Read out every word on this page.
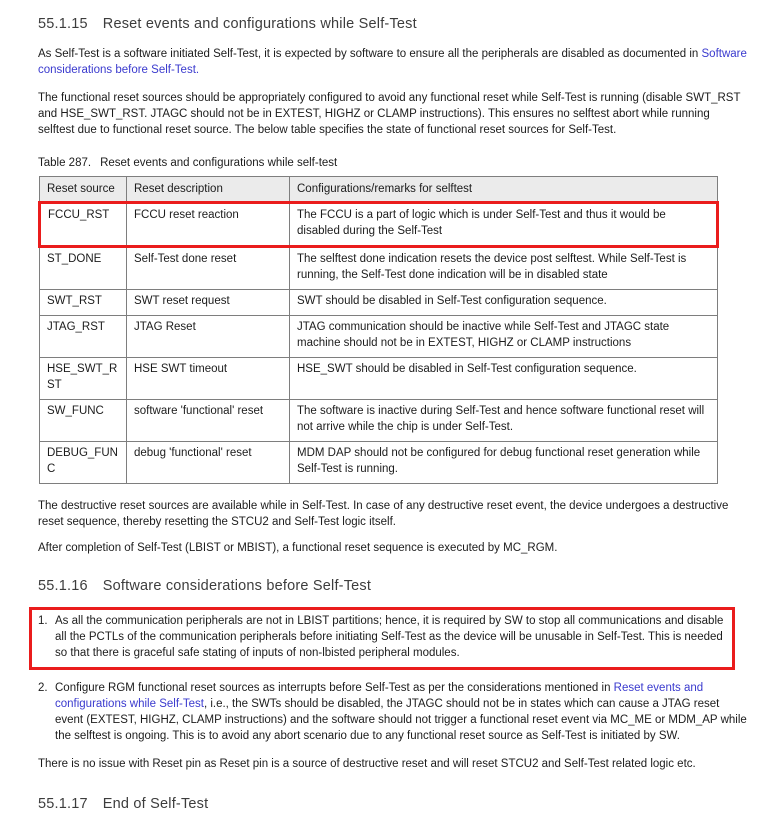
55.1.15 Reset events and configurations while Self-Test

As Self-Test is a software initiated Self-Test, it is expected by software to ensure all the peripherals are disabled as documented in Software considerations before Self-Test.

The functional reset sources should be appropriately configured to avoid any functional reset while Self-Test is running (disable SWT_RST and HSE_SWT_RST. JTAGC should not be in EXTEST, HIGHZ or CLAMP instructions). This ensures no selftest abort while running selftest due to functional reset source. The below table specifies the state of functional reset sources for Self-Test.

Table 287. Reset events and configurations while self-test
Reset source	Reset description	Configurations/remarks for selftest
FCCU_RST	FCCU reset reaction	The FCCU is a part of logic which is under Self-Test and thus it would be disabled during the Self-Test
ST_DONE	Self-Test done reset	The selftest done indication resets the device post selftest. While Self-Test is running, the Self-Test done indication will be in disabled state
SWT_RST	SWT reset request	SWT should be disabled in Self-Test configuration sequence.
JTAG_RST	JTAG Reset	JTAG communication should be inactive while Self-Test and JTAGC state machine should not be in EXTEST, HIGHZ or CLAMP instructions
HSE_SWT_RST	HSE SWT timeout	HSE_SWT should be disabled in Self-Test configuration sequence.
SW_FUNC	software 'functional' reset	The software is inactive during Self-Test and hence software functional reset will not arrive while the chip is under Self-Test.
DEBUG_FUNC	debug 'functional' reset	MDM DAP should not be configured for debug functional reset generation while Self-Test is running.

The destructive reset sources are available while in Self-Test. In case of any destructive reset event, the device undergoes a destructive reset sequence, thereby resetting the STCU2 and Self-Test logic itself.

After completion of Self-Test (LBIST or MBIST), a functional reset sequence is executed by MC_RGM.

55.1.16 Software considerations before Self-Test
1. As all the communication peripherals are not in LBIST partitions; hence, it is required by SW to stop all communications and disable all the PCTLs of the communication peripherals before initiating Self-Test as the device will be unusable in Self-Test. This is needed so that there is graceful safe stating of inputs of non-lbisted peripheral modules.
2. Configure RGM functional reset sources as interrupts before Self-Test as per the considerations mentioned in Reset events and configurations while Self-Test, i.e., the SWTs should be disabled, the JTAGC should not be in states which can cause a JTAG reset event (EXTEST, HIGHZ, CLAMP instructions) and the software should not trigger a functional reset event via MC_ME or MDM_AP while the selftest is ongoing. This is to avoid any abort scenario due to any functional reset source as Self-Test is initiated by SW.

There is no issue with Reset pin as Reset pin is a source of destructive reset and will reset STCU2 and Self-Test related logic etc.

55.1.17 End of Self-Test
